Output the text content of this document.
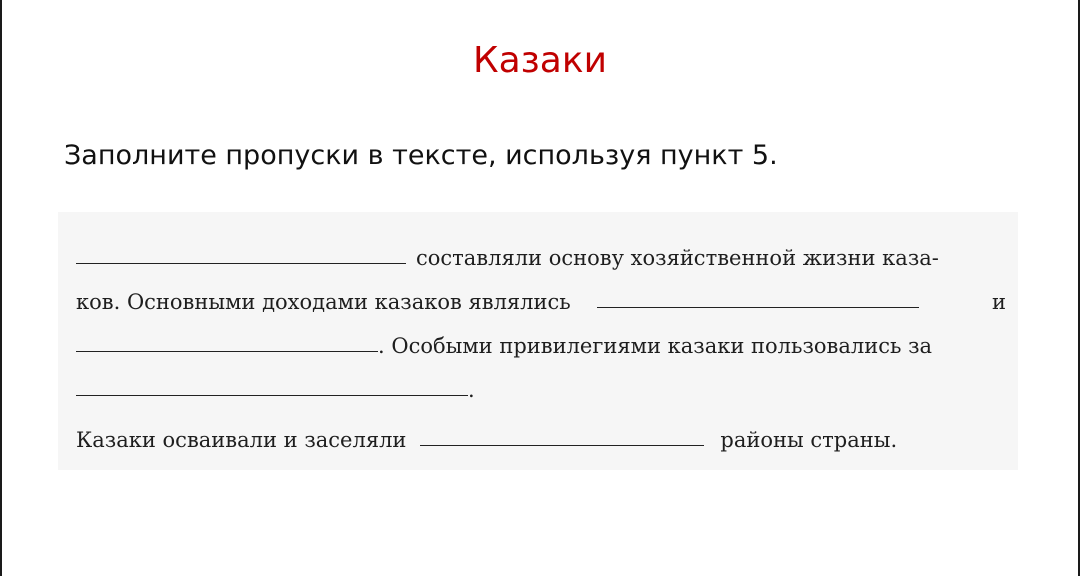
Казаки
Заполните пропуски в тексте, используя пункт 5.
составляли основу хозяйственной жизни каза-
ков. Основными доходами казаков являлись	и
. Особыми привилегиями казаки пользовались за
.
Казаки осваивали и заселяли	районы страны.
